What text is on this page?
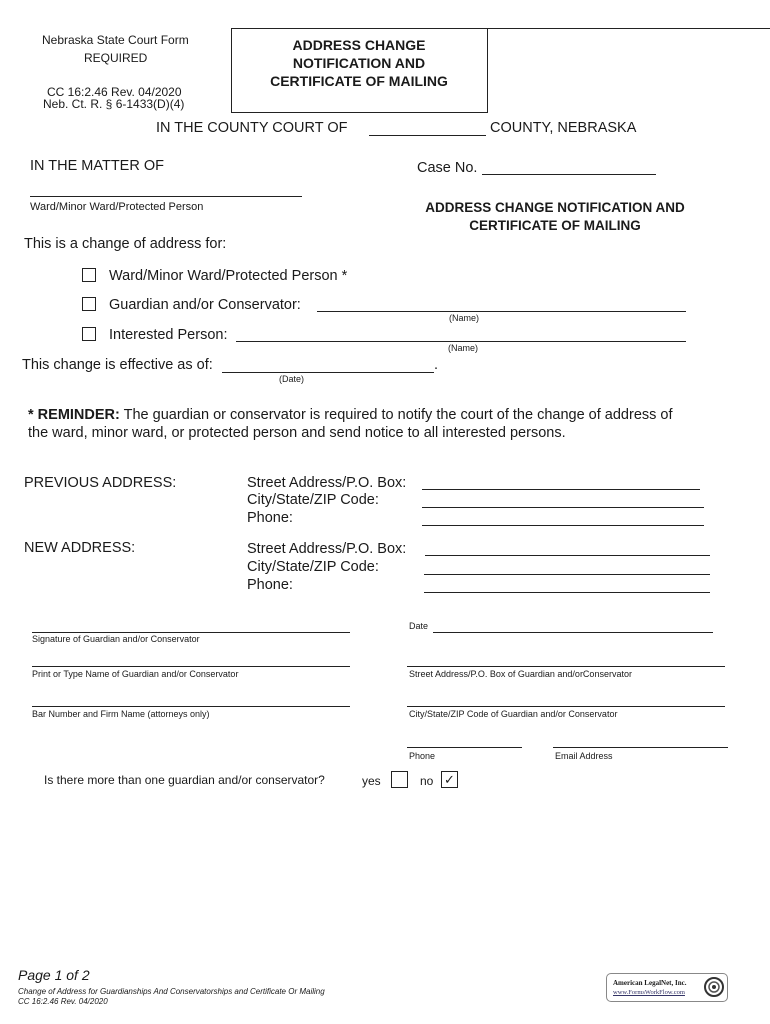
Nebraska State Court Form
REQUIRED
CC 16:2.46 Rev. 04/2020
Neb. Ct. R. § 6-1433(D)(4)
ADDRESS CHANGE
NOTIFICATION AND
CERTIFICATE OF MAILING
IN THE COUNTY COURT OF	COUNTY, NEBRASKA
IN THE MATTER OF	Case No.
Ward/Minor Ward/Protected Person	ADDRESS CHANGE NOTIFICATION AND
CERTIFICATE OF MAILING
This is a change of address for:
Ward/Minor Ward/Protected Person *
Guardian and/or Conservator:
(Name)
Interested Person:
(Name)
This change is effective as of:	.
(Date)
* REMINDER: The guardian or conservator is required to notify the court of the change of address of
the ward, minor ward, or protected person and send notice to all interested persons.
PREVIOUS ADDRESS:	Street Address/P.O. Box:
City/State/ZIP Code:
Phone:
NEW ADDRESS:	Street Address/P.O. Box:
City/State/ZIP Code:
Phone:
Signature of Guardian and/or Conservator
Date
Print or Type Name of Guardian and/or Conservator	Street Address/P.O. Box of Guardian and/orConservator
Bar Number and Firm Name (attorneys only)	City/State/ZIP Code of Guardian and/or Conservator
Phone	Email Address
Is there more than one guardian and/or conservator?	yes	no ✓
Page 1 of 2
Change of Address for Guardianships And Conservatorships and Certificate Or Mailing
CC 16:2.46 Rev. 04/2020
American LegalNet, Inc.
www.FormsWorkFlow.com
